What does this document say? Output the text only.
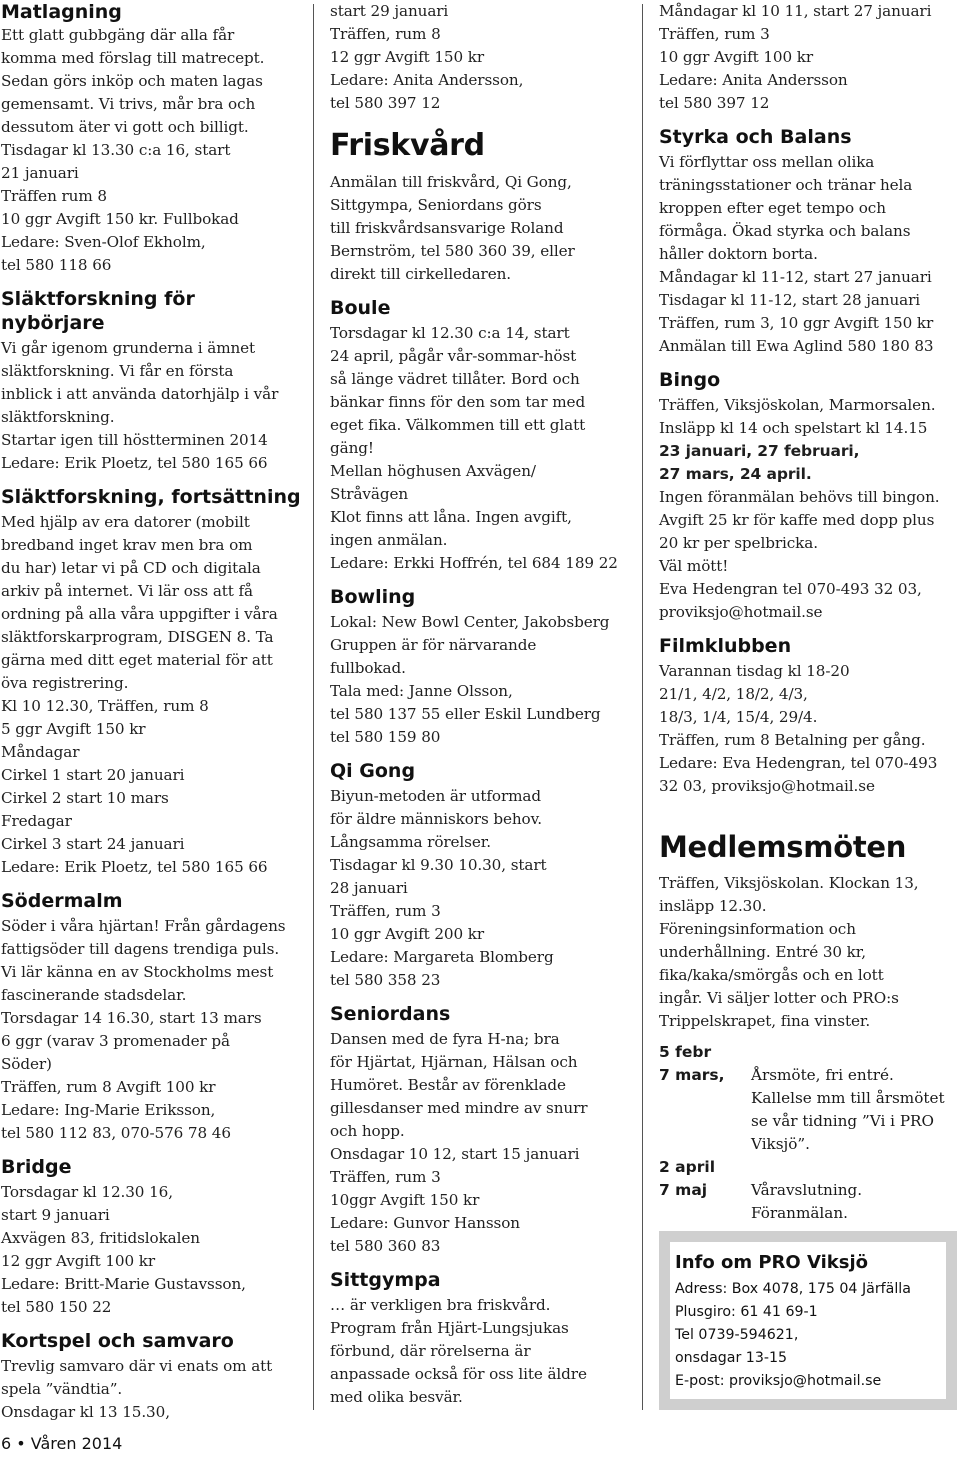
Matlagning

Ett glatt gubbgäng där alla får

komma med förslag till matrecept.

Sedan görs inköp och maten lagas

gemensamt. Vi trivs, mår bra och

dessutom äter vi gott och billigt.

Tisdagar kl 13.30 c:a 16, start

21 januari

Träffen rum 8

10 ggr Avgift 150 kr. Fullbokad

Ledare: Sven-Olof Ekholm,

tel 580 118 66

Släktforskning för nybörjare

Vi går igenom grunderna i ämnet

släktforskning. Vi får en första

inblick i att använda datorhjälp i vår

släktforskning.

Startar igen till höstterminen 2014

Ledare: Erik Ploetz, tel 580 165 66

Släktforskning, fortsättning

Med hjälp av era datorer (mobilt

bredband inget krav men bra om

du har) letar vi på CD och digitala

arkiv på internet. Vi lär oss att få

ordning på alla våra uppgifter i våra

släktforskarprogram, DISGEN 8. Ta

gärna med ditt eget material för att

öva registrering.

Kl 10 12.30, Träffen, rum 8

5 ggr Avgift 150 kr

Måndagar

Cirkel 1 start 20 januari

Cirkel 2 start 10 mars

Fredagar

Cirkel 3 start 24 januari

Ledare: Erik Ploetz, tel 580 165 66

Södermalm

Söder i våra hjärtan! Från gårdagens

fattigsöder till dagens trendiga puls.

Vi lär känna en av Stockholms mest

fascinerande stadsdelar.

Torsdagar 14 16.30, start 13 mars

6 ggr (varav 3 promenader på

Söder)

Träffen, rum 8 Avgift 100 kr

Ledare: Ing-Marie Eriksson,

tel 580 112 83, 070-576 78 46

Bridge

Torsdagar kl 12.30 16,

start 9 januari

Axvägen 83, fritidslokalen

12 ggr Avgift 100 kr

Ledare: Britt-Marie Gustavsson,

tel 580 150 22

Kortspel och samvaro

Trevlig samvaro där vi enats om att

spela ”vändtia”.

Onsdagar kl 13 15.30,

start 29 januari

Träffen, rum 8

12 ggr Avgift 150 kr

Ledare: Anita Andersson,

tel 580 397 12

Friskvård

Anmälan till friskvård, Qi Gong,

Sittgympa, Seniordans görs

till friskvårdsansvarige Roland

Bernström, tel 580 360 39, eller

direkt till cirkelledaren.

Boule

Torsdagar kl 12.30 c:a 14, start

24 april, pågår vår-sommar-höst

så länge vädret tillåter. Bord och

bänkar finns för den som tar med

eget fika. Välkommen till ett glatt

gäng!

Mellan höghusen Axvägen/

Stråvägen

Klot finns att låna. Ingen avgift,

ingen anmälan.

Ledare: Erkki Hoffrén, tel 684 189 22

Bowling

Lokal: New Bowl Center, Jakobsberg

Gruppen är för närvarande

fullbokad.

Tala med: Janne Olsson,

tel 580 137 55 eller Eskil Lundberg

tel 580 159 80

Qi Gong

Biyun-metoden är utformad

för äldre människors behov.

Långsamma rörelser.

Tisdagar kl 9.30 10.30, start

28 januari

Träffen, rum 3

10 ggr Avgift 200 kr

Ledare: Margareta Blomberg

tel 580 358 23

Seniordans

Dansen med de fyra H-na; bra

för Hjärtat, Hjärnan, Hälsan och

Humöret. Består av förenklade

gillesdanser med mindre av snurr

och hopp.

Onsdagar 10 12, start 15 januari

Träffen, rum 3

10ggr Avgift 150 kr

Ledare: Gunvor Hansson

tel 580 360 83

Sittgympa

… är verkligen bra friskvård.

Program från Hjärt-Lungsjukas

förbund, där rörelserna är

anpassade också för oss lite äldre

med olika besvär.

Måndagar kl 10 11, start 27 januari

Träffen, rum 3

10 ggr Avgift 100 kr

Ledare: Anita Andersson

tel 580 397 12

Styrka och Balans

Vi förflyttar oss mellan olika

träningsstationer och tränar hela

kroppen efter eget tempo och

förmåga. Ökad styrka och balans

håller doktorn borta.

Måndagar kl 11-12, start 27 januari

Tisdagar kl 11-12, start 28 januari

Träffen, rum 3, 10 ggr Avgift 150 kr

Anmälan till Ewa Aglind 580 180 83

Bingo

Träffen, Viksjöskolan, Marmorsalen.

Insläpp kl 14 och spelstart kl 14.15

23 januari, 27 februari,

27 mars, 24 april.

Ingen föranmälan behövs till bingon.

Avgift 25 kr för kaffe med dopp plus

20 kr per spelbricka.

Väl mött!

Eva Hedengran tel 070-493 32 03,

proviksjo@hotmail.se

Filmklubben

Varannan tisdag kl 18-20

21/1, 4/2, 18/2, 4/3,

18/3, 1/4, 15/4, 29/4.

Träffen, rum 8 Betalning per gång.

Ledare: Eva Hedengran, tel 070-493

32 03, proviksjo@hotmail.se

Medlemsmöten

Träffen, Viksjöskolan. Klockan 13,

insläpp 12.30.

Föreningsinformation och

underhållning. Entré 30 kr,

fika/kaka/smörgås och en lott

ingår. Vi säljer lotter och PRO:s

Trippelskrapet, fina vinster.

5 febr
7 mars,	Årsmöte, fri entré.
Kallelse mm till årsmötet
se vår tidning ”Vi i PRO
Viksjö”.
2 april
7 maj	Våravslutning.
Föranmälan.
Info om PRO Viksjö

Adress: Box 4078, 175 04 Järfälla

Plusgiro: 61 41 69-1

Tel 0739-594621,

onsdagar 13-15

E-post: proviksjo@hotmail.se

6 • Våren 2014
